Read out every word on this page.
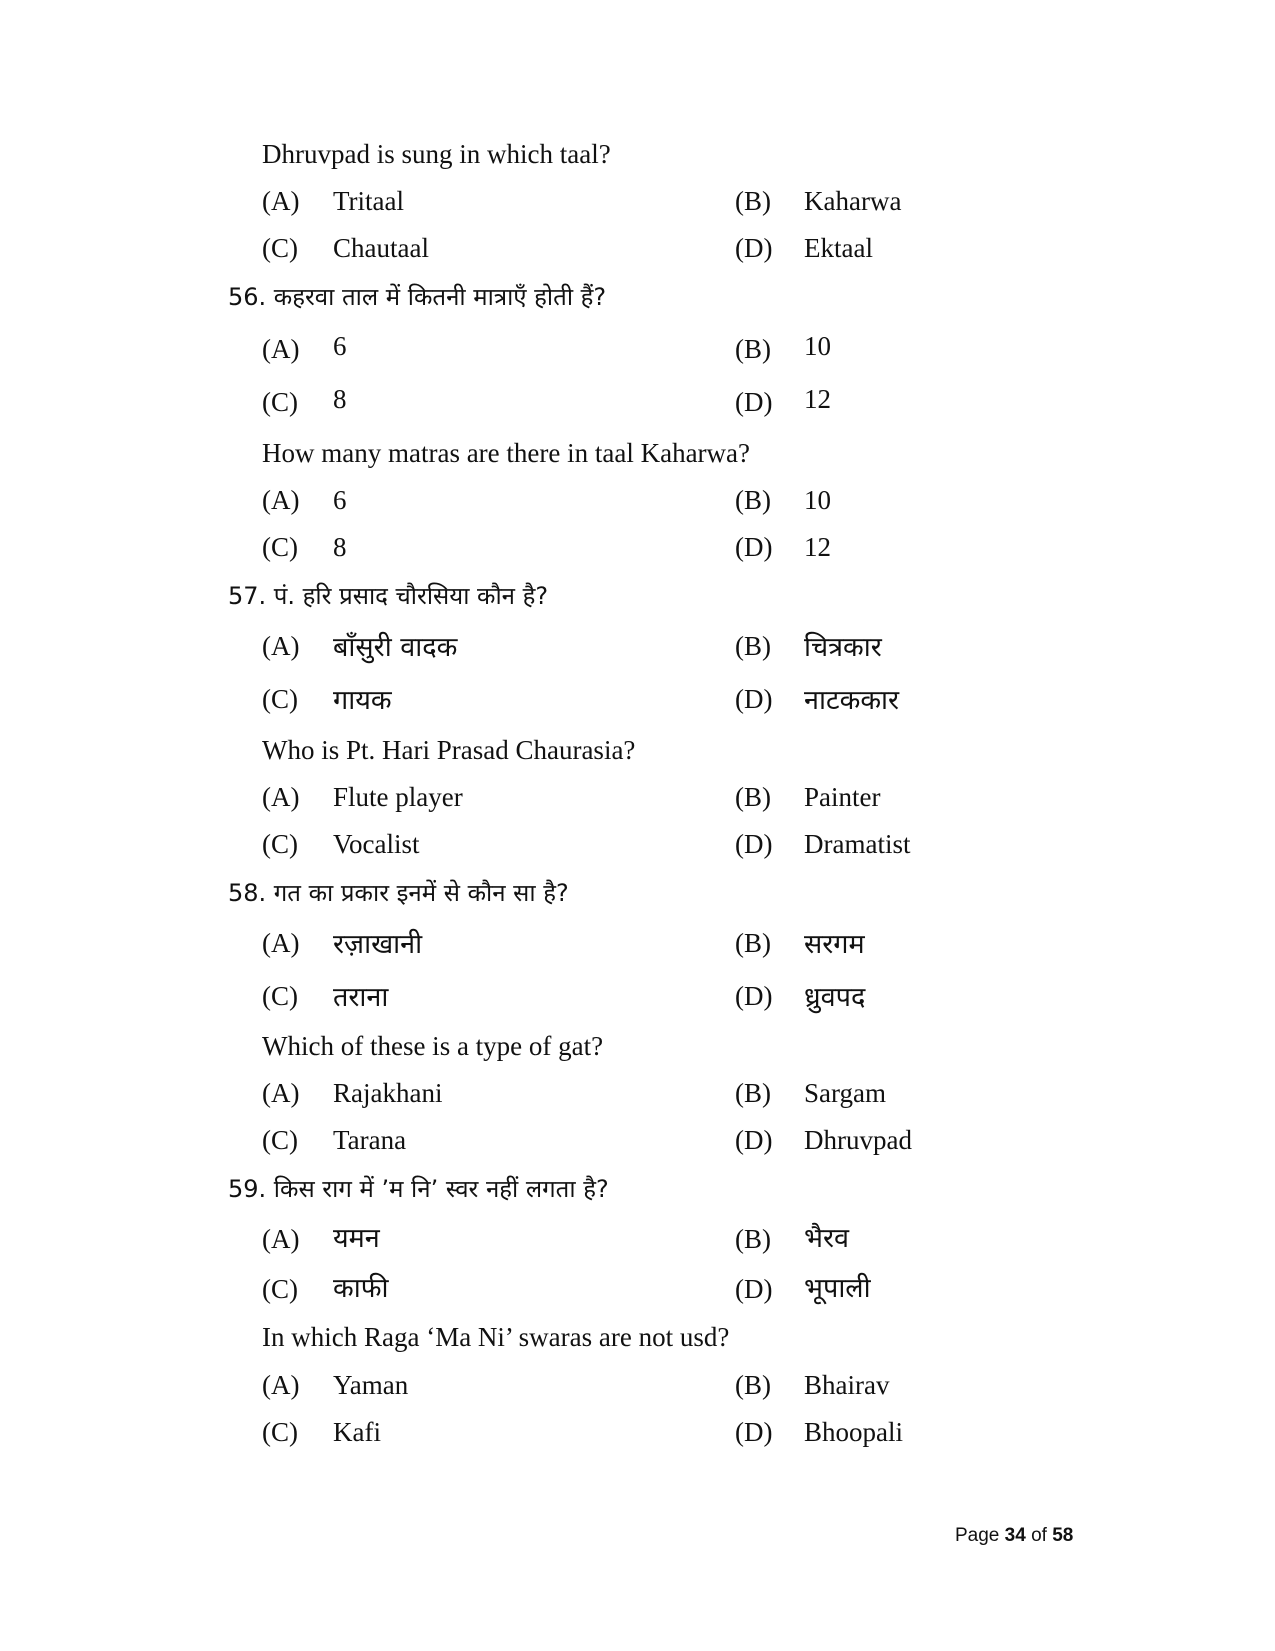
Dhruvpad is sung in which taal?
(A) Tritaal	(B) Kaharwa
(C) Chautaal	(D) Ektaal
56. कहरवा ताल में कितनी मात्राएँ होती हैं?
(A) 6	(B) 10
(C) 8	(D) 12
How many matras are there in taal Kaharwa?
(A) 6	(B) 10
(C) 8	(D) 12
57. पं. हरि प्रसाद चौरसिया कौन है?
(A) बाँसुरी वादक	(B) चित्रकार
(C) गायक	(D) नाटककार
Who is Pt. Hari Prasad Chaurasia?
(A) Flute player	(B) Painter
(C) Vocalist	(D) Dramatist
58. गत का प्रकार इनमें से कौन सा है?
(A) रज़ाखानी	(B) सरगम
(C) तराना	(D) ध्रुवपद
Which of these is a type of gat?
(A) Rajakhani	(B) Sargam
(C) Tarana	(D) Dhruvpad
59. किस राग में ’म नि’ स्वर नहीं लगता है?
(A) यमन	(B) भैरव
(C) काफी	(D) भूपाली
In which Raga ‘Ma Ni’ swaras are not usd?
(A) Yaman	(B) Bhairav
(C) Kafi	(D) Bhoopali
Page 34 of 58
